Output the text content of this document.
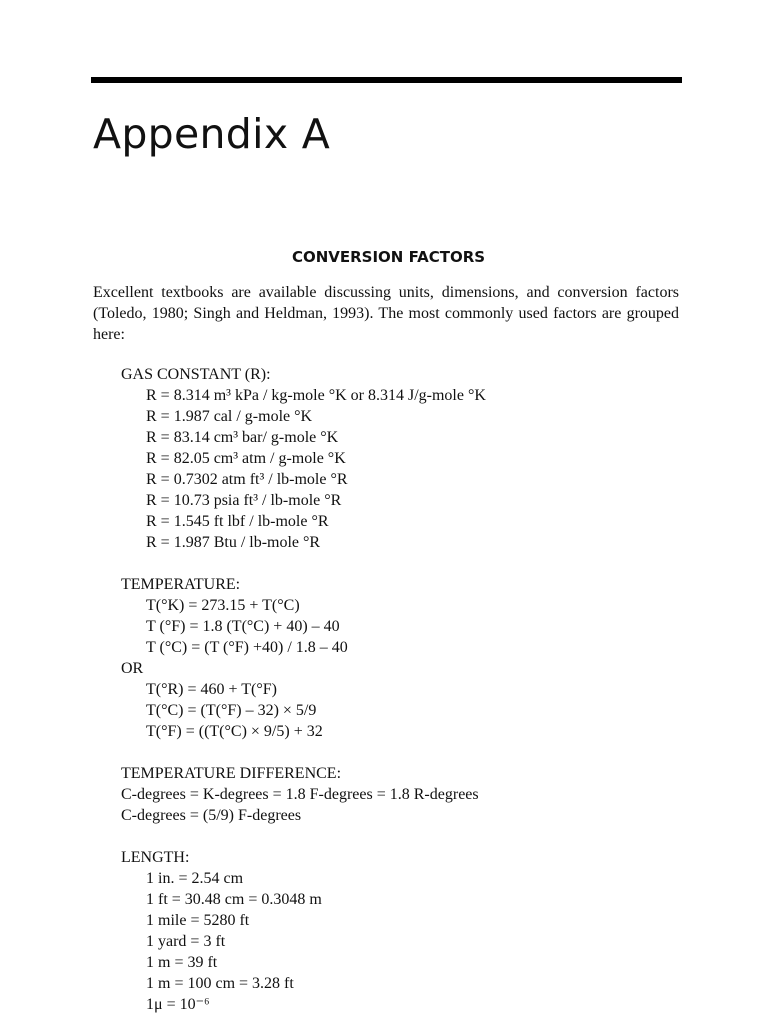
Appendix A
CONVERSION FACTORS

Excellent textbooks are available discussing units, dimensions, and conversion factors (Toledo, 1980; Singh and Heldman, 1993). The most commonly used factors are grouped here:

GAS CONSTANT (R):
R = 8.314 m³ kPa / kg-mole °K or 8.314 J/g-mole °K
R = 1.987 cal / g-mole °K
R = 83.14 cm³ bar/ g-mole °K
R = 82.05 cm³ atm / g-mole °K
R = 0.7302 atm ft³ / lb-mole °R
R = 10.73 psia ft³ / lb-mole °R
R = 1.545 ft lbf / lb-mole °R
R = 1.987 Btu / lb-mole °R
TEMPERATURE:
T(°K) = 273.15 + T(°C)
T (°F) = 1.8 (T(°C) + 40) – 40
T (°C) = (T (°F) +40) / 1.8 – 40
OR
T(°R) = 460 + T(°F)
T(°C) = (T(°F) – 32) × 5/9
T(°F) = ((T(°C) × 9/5) + 32
TEMPERATURE DIFFERENCE:
C-degrees = K-degrees = 1.8 F-degrees = 1.8 R-degrees
C-degrees = (5/9) F-degrees
LENGTH:
1 in. = 2.54 cm
1 ft = 30.48 cm = 0.3048 m
1 mile = 5280 ft
1 yard = 3 ft
1 m = 39 ft
1 m = 100 cm = 3.28 ft
1μ = 10⁻⁶
